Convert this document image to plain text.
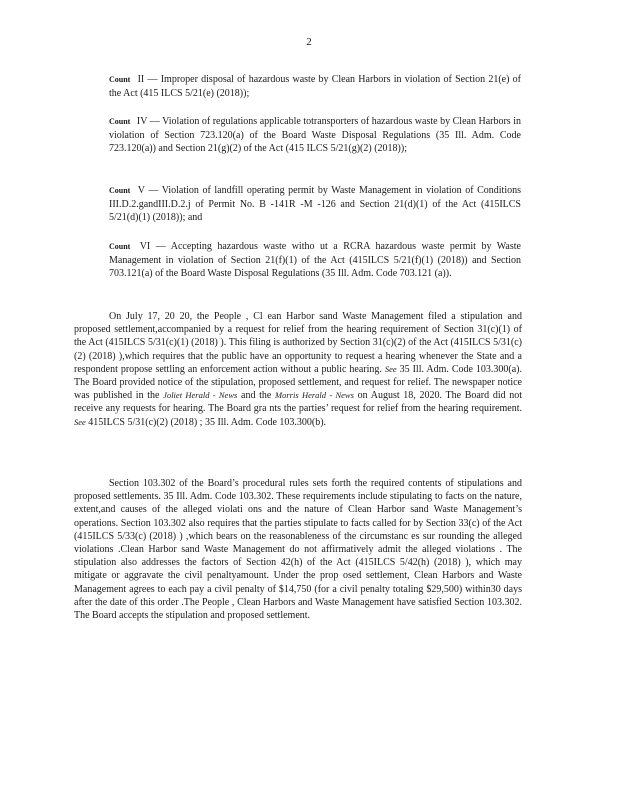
2
Count II — Improper disposal of hazardous waste by Clean Harbors in violation of Section 21(e) of the Act (415 ILCS 5/21(e) (2018));
Count IV — Violation of regulations applicable totransporters of hazardous waste by Clean Harbors in violation of Section 723.120(a) of the Board Waste Disposal Regulations (35 Ill. Adm. Code 723.120(a)) and Section 21(g)(2) of the Act (415 ILCS 5/21(g)(2) (2018));
Count V — Violation of landfill operating permit by Waste Management in violation of Conditions III.D.2.gandIII.D.2.j of Permit No. B -141R -M -126 and Section 21(d)(1) of the Act (415ILCS 5/21(d)(1) (2018)); and
Count VI — Accepting hazardous waste witho ut a RCRA hazardous waste permit by Waste Management in violation of Section 21(f)(1) of the Act (415ILCS 5/21(f)(1) (2018)) and Section 703.121(a) of the Board Waste Disposal Regulations (35 Ill. Adm. Code 703.121 (a)).
On July 17, 20 20, the People , Cl ean Harbor sand Waste Management filed a stipulation and proposed settlement,accompanied by a request for relief from the hearing requirement of Section 31(c)(1) of the Act (415ILCS 5/31(c)(1) (2018) ). This filing is authorized by Section 31(c)(2) of the Act (415ILCS 5/31(c)(2) (2018) ),which requires that the public have an opportunity to request a hearing whenever the State and a respondent propose settling an enforcement action without a public hearing. See 35 Ill. Adm. Code 103.300(a). The Board provided notice of the stipulation, proposed settlement, and request for relief. The newspaper notice was published in the Joliet Herald - News and the Morris Herald - News on August 18, 2020. The Board did not receive any requests for hearing. The Board gra nts the parties’ request for relief from the hearing requirement. See 415ILCS 5/31(c)(2) (2018) ; 35 Ill. Adm. Code 103.300(b).
Section 103.302 of the Board’s procedural rules sets forth the required contents of stipulations and proposed settlements. 35 Ill. Adm. Code 103.302. These requirements include stipulating to facts on the nature, extent,and causes of the alleged violati ons and the nature of Clean Harbor sand Waste Management’s operations. Section 103.302 also requires that the parties stipulate to facts called for by Section 33(c) of the Act (415ILCS 5/33(c) (2018) ) ,which bears on the reasonableness of the circumstanc es sur rounding the alleged violations .Clean Harbor sand Waste Management do not affirmatively admit the alleged violations . The stipulation also addresses the factors of Section 42(h) of the Act (415ILCS 5/42(h) (2018) ), which may mitigate or aggravate the civil penaltyamount. Under the prop osed settlement, Clean Harbors and Waste Management agrees to each pay a civil penalty of $14,750 (for a civil penalty totaling $29,500) within30 days after the date of this order .The People , Clean Harbors and Waste Management have satisfied Section 103.302. The Board accepts the stipulation and proposed settlement.
